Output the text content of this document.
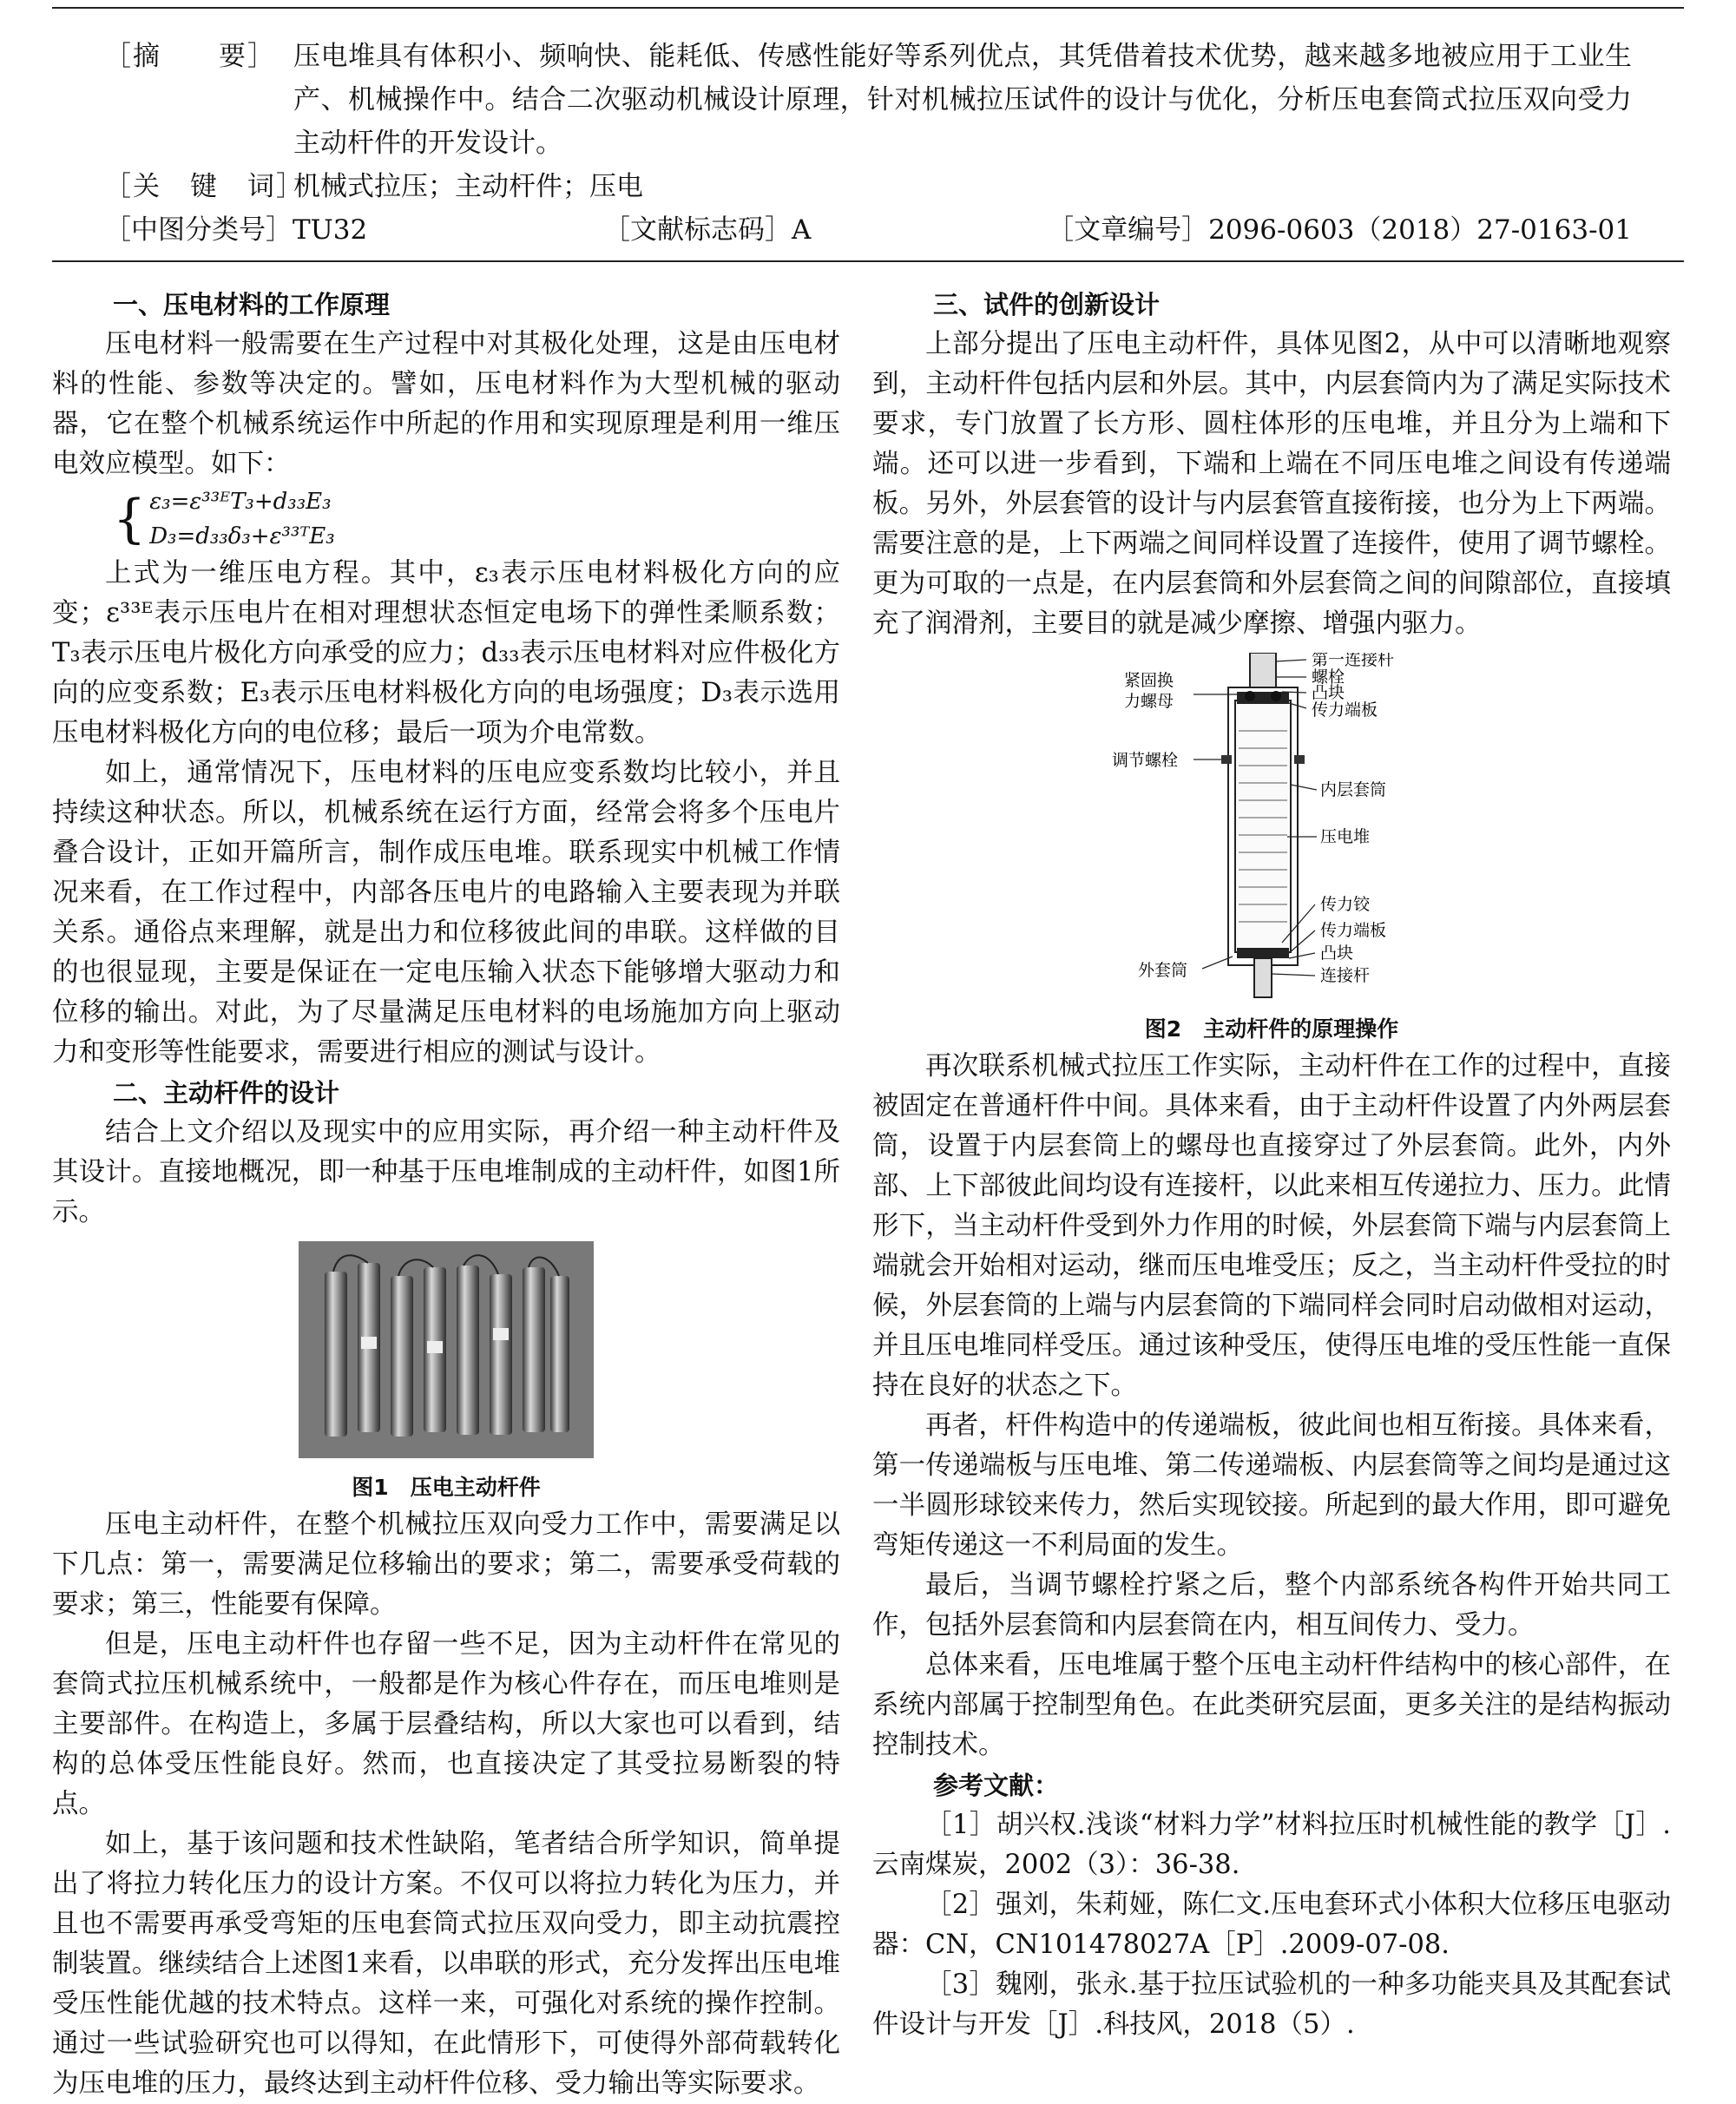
［摘　　要］ 压电堆具有体积小、频响快、能耗低、传感性能好等系列优点，其凭借着技术优势，越来越多地被应用于工业生产、机械操作中。结合二次驱动机械设计原理，针对机械拉压试件的设计与优化，分析压电套筒式拉压双向受力主动杆件的开发设计。
［关　键　词］
机械式拉压；主动杆件；压电
［中图分类号］TU32	［文献标志码］A	［文章编号］2096-0603（2018）27-0163-01
一、压电材料的工作原理

压电材料一般需要在生产过程中对其极化处理，这是由压电材料的性能、参数等决定的。譬如，压电材料作为大型机械的驱动器，它在整个机械系统运作中所起的作用和实现原理是利用一维压电效应模型。如下：

{ ε₃=ε³³ᴱT₃+d₃₃E₃
D₃=d₃₃δ₃+ε³³ᵀE₃

上式为一维压电方程。其中，ε₃表示压电材料极化方向的应变；ε³³ᴱ表示压电片在相对理想状态恒定电场下的弹性柔顺系数；T₃表示压电片极化方向承受的应力；d₃₃表示压电材料对应件极化方向的应变系数；E₃表示压电材料极化方向的电场强度；D₃表示选用压电材料极化方向的电位移；最后一项为介电常数。

如上，通常情况下，压电材料的压电应变系数均比较小，并且持续这种状态。所以，机械系统在运行方面，经常会将多个压电片叠合设计，正如开篇所言，制作成压电堆。联系现实中机械工作情况来看，在工作过程中，内部各压电片的电路输入主要表现为并联关系。通俗点来理解，就是出力和位移彼此间的串联。这样做的目的也很显现，主要是保证在一定电压输入状态下能够增大驱动力和位移的输出。对此，为了尽量满足压电材料的电场施加方向上驱动力和变形等性能要求，需要进行相应的测试与设计。

二、主动杆件的设计

结合上文介绍以及现实中的应用实际，再介绍一种主动杆件及其设计。直接地概况，即一种基于压电堆制成的主动杆件，如图1所示。

图1　压电主动杆件

压电主动杆件，在整个机械拉压双向受力工作中，需要满足以下几点：第一，需要满足位移输出的要求；第二，需要承受荷载的要求；第三，性能要有保障。

但是，压电主动杆件也存留一些不足，因为主动杆件在常见的套筒式拉压机械系统中，一般都是作为核心件存在，而压电堆则是主要部件。在构造上，多属于层叠结构，所以大家也可以看到，结构的总体受压性能良好。然而，也直接决定了其受拉易断裂的特点。

如上，基于该问题和技术性缺陷，笔者结合所学知识，简单提出了将拉力转化压力的设计方案。不仅可以将拉力转化为压力，并且也不需要再承受弯矩的压电套筒式拉压双向受力，即主动抗震控制装置。继续结合上述图1来看，以串联的形式，充分发挥出压电堆受压性能优越的技术特点。这样一来，可强化对系统的操作控制。通过一些试验研究也可以得知，在此情形下，可使得外部荷载转化为压电堆的压力，最终达到主动杆件位移、受力输出等实际要求。

三、试件的创新设计

上部分提出了压电主动杆件，具体见图2，从中可以清晰地观察到，主动杆件包括内层和外层。其中，内层套筒内为了满足实际技术要求，专门放置了长方形、圆柱体形的压电堆，并且分为上端和下端。还可以进一步看到，下端和上端在不同压电堆之间设有传递端板。另外，外层套管的设计与内层套管直接衔接，也分为上下两端。需要注意的是，上下两端之间同样设置了连接件，使用了调节螺栓。更为可取的一点是，在内层套筒和外层套筒之间的间隙部位，直接填充了润滑剂，主要目的就是减少摩擦、增强内驱力。

第一连接杆
螺栓
凸块
传力端板
紧固换
力螺母
调节螺栓
内层套筒
压电堆
传力铰
传力端板
外套筒
凸块
连接杆
图2　主动杆件的原理操作

再次联系机械式拉压工作实际，主动杆件在工作的过程中，直接被固定在普通杆件中间。具体来看，由于主动杆件设置了内外两层套筒，设置于内层套筒上的螺母也直接穿过了外层套筒。此外，内外部、上下部彼此间均设有连接杆，以此来相互传递拉力、压力。此情形下，当主动杆件受到外力作用的时候，外层套筒下端与内层套筒上端就会开始相对运动，继而压电堆受压；反之，当主动杆件受拉的时候，外层套筒的上端与内层套筒的下端同样会同时启动做相对运动，并且压电堆同样受压。通过该种受压，使得压电堆的受压性能一直保持在良好的状态之下。

再者，杆件构造中的传递端板，彼此间也相互衔接。具体来看，第一传递端板与压电堆、第二传递端板、内层套筒等之间均是通过这一半圆形球铰来传力，然后实现铰接。所起到的最大作用，即可避免弯矩传递这一不利局面的发生。

最后，当调节螺栓拧紧之后，整个内部系统各构件开始共同工作，包括外层套筒和内层套筒在内，相互间传力、受力。

总体来看，压电堆属于整个压电主动杆件结构中的核心部件，在系统内部属于控制型角色。在此类研究层面，更多关注的是结构振动控制技术。

参考文献：

［1］胡兴权.浅谈“材料力学”材料拉压时机械性能的教学［J］.云南煤炭，2002（3）：36-38.

［2］强刘，朱莉娅，陈仁文.压电套环式小体积大位移压电驱动器：CN，CN101478027A［P］.2009-07-08.

［3］魏刚，张永.基于拉压试验机的一种多功能夹具及其配套试件设计与开发［J］.科技风，2018（5）.
